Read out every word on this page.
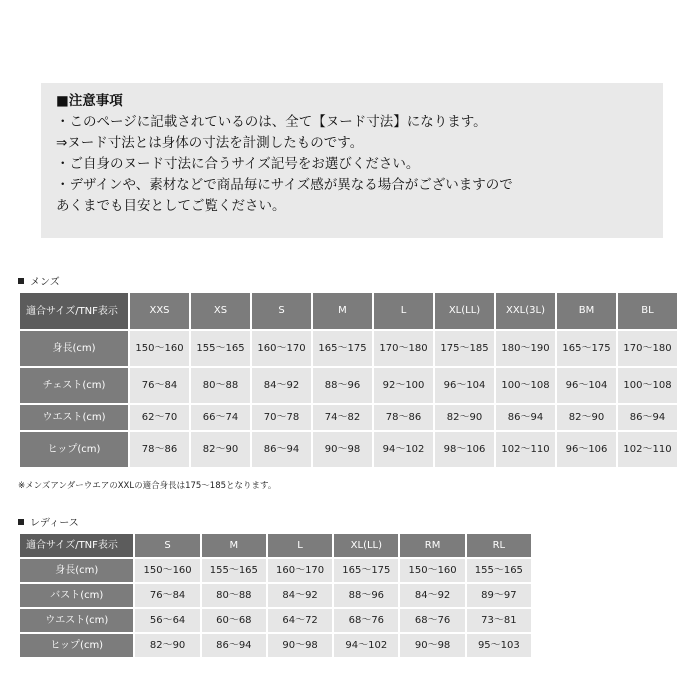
■注意事項
・このページに記載されているのは、全て【ヌード寸法】になります。
⇒ヌード寸法とは身体の寸法を計測したものです。
・ご自身のヌード寸法に合うサイズ記号をお選びください。
・デザインや、素材などで商品毎にサイズ感が異なる場合がございますので
あくまでも目安としてご覧ください。
メンズ
適合サイズ/TNF表示	XXS	XS	S	M	L	XL(LL)	XXL(3L)	BM	BL
身長(cm)	150～160	155～165	160～170	165～175	170～180	175～185	180～190	165～175	170～180
チェスト(cm)	76～84	80～88	84～92	88～96	92～100	96～104	100～108	96～104	100～108
ウエスト(cm)	62～70	66～74	70～78	74～82	78～86	82～90	86～94	82～90	86～94
ヒップ(cm)	78～86	82～90	86～94	90～98	94～102	98～106	102～110	96～106	102～110
※メンズアンダーウエアのXXLの適合身長は175～185となります。
レディース
適合サイズ/TNF表示	S	M	L	XL(LL)	RM	RL
身長(cm)	150～160	155～165	160～170	165～175	150～160	155～165
バスト(cm)	76～84	80～88	84～92	88～96	84～92	89～97
ウエスト(cm)	56～64	60～68	64～72	68～76	68～76	73～81
ヒップ(cm)	82～90	86～94	90～98	94～102	90～98	95～103
